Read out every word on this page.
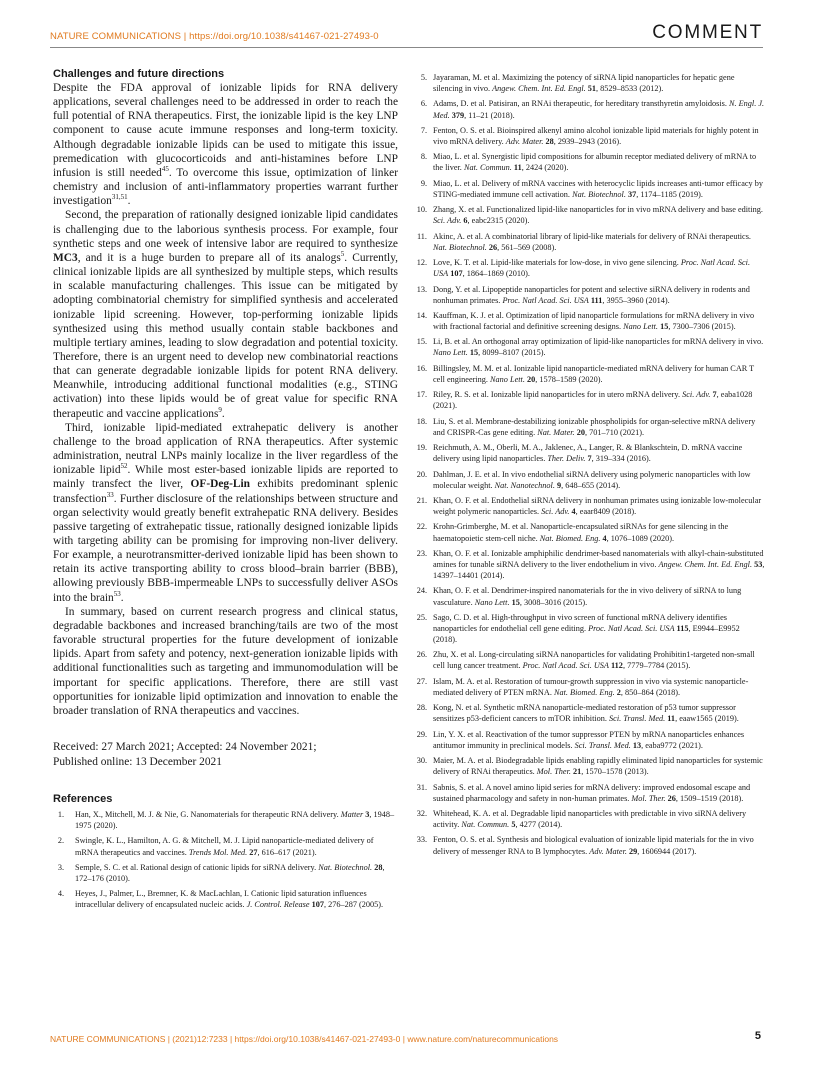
NATURE COMMUNICATIONS | https://doi.org/10.1038/s41467-021-27493-0	COMMENT
Challenges and future directions

Despite the FDA approval of ionizable lipids for RNA delivery applications, several challenges need to be addressed in order to reach the full potential of RNA therapeutics. First, the ionizable lipid is the key LNP component to cause acute immune responses and long-term toxicity. Although degradable ionizable lipids can be used to mitigate this issue, premedication with glucocorticoids and anti-histamines before LNP infusion is still needed$^{45}$. To overcome this issue, optimization of linker chemistry and inclusion of anti-inflammatory properties warrant further investigation$^{31,51}$.

Second, the preparation of rationally designed ionizable lipid candidates is challenging due to the laborious synthesis process. For example, four synthetic steps and one week of intensive labor are required to synthesize MC3, and it is a huge burden to prepare all of its analogs$^5$. Currently, clinical ionizable lipids are all synthesized by multiple steps, which results in scalable manufacturing challenges. This issue can be mitigated by adopting combinatorial chemistry for simplified synthesis and accelerated ionizable lipid screening. However, top-performing ionizable lipids synthesized using this method usually contain stable backbones and multiple tertiary amines, leading to slow degradation and potential toxicity. Therefore, there is an urgent need to develop new combinatorial reactions that can generate degradable ionizable lipids for potent RNA delivery. Meanwhile, introducing additional functional modalities (e.g., STING activation) into these lipids would be of great value for specific RNA therapeutic and vaccine applications$^9$.

Third, ionizable lipid-mediated extrahepatic delivery is another challenge to the broad application of RNA therapeutics. After systemic administration, neutral LNPs mainly localize in the liver regardless of the ionizable lipid$^{52}$. While most ester-based ionizable lipids are reported to mainly transfect the liver, OF-Deg-Lin exhibits predominant splenic transfection$^{33}$. Further disclosure of the relationships between structure and organ selectivity would greatly benefit extrahepatic RNA delivery. Besides passive targeting of extrahepatic tissue, rationally designed ionizable lipids with targeting ability can be promising for improving non-liver delivery. For example, a neurotransmitter-derived ionizable lipid has been shown to retain its active transporting ability to cross blood–brain barrier (BBB), allowing previously BBB-impermeable LNPs to successfully deliver ASOs into the brain$^{53}$.

In summary, based on current research progress and clinical status, degradable backbones and increased branching/tails are two of the most favorable structural properties for the future development of ionizable lipids. Apart from safety and potency, next-generation ionizable lipids with additional functionalities such as targeting and immunomodulation will be important for specific applications. Therefore, there are still vast opportunities for ionizable lipid optimization and innovation to enable the broader translation of RNA therapeutics and vaccines.

Received: 27 March 2021; Accepted: 24 November 2021;
Published online: 13 December 2021
References
1.	Han, X., Mitchell, M. J. & Nie, G. Nanomaterials for therapeutic RNA delivery. Matter 3, 1948–1975 (2020).
2.	Swingle, K. L., Hamilton, A. G. & Mitchell, M. J. Lipid nanoparticle-mediated delivery of mRNA therapeutics and vaccines. Trends Mol. Med. 27, 616–617 (2021).
3.	Semple, S. C. et al. Rational design of cationic lipids for siRNA delivery. Nat. Biotechnol. 28, 172–176 (2010).
4.	Heyes, J., Palmer, L., Bremner, K. & MacLachlan, I. Cationic lipid saturation influences intracellular delivery of encapsulated nucleic acids. J. Control. Release 107, 276–287 (2005).
5. Jayaraman, M. et al. Maximizing the potency of siRNA lipid nanoparticles for hepatic gene silencing in vivo. Angew. Chem. Int. Ed. Engl. 51, 8529–8533 (2012).
6. Adams, D. et al. Patisiran, an RNAi therapeutic, for hereditary transthyretin amyloidosis. N. Engl. J. Med. 379, 11–21 (2018).
7. Fenton, O. S. et al. Bioinspired alkenyl amino alcohol ionizable lipid materials for highly potent in vivo mRNA delivery. Adv. Mater. 28, 2939–2943 (2016).
8. Miao, L. et al. Synergistic lipid compositions for albumin receptor mediated delivery of mRNA to the liver. Nat. Commun. 11, 2424 (2020).
9. Miao, L. et al. Delivery of mRNA vaccines with heterocyclic lipids increases anti-tumor efficacy by STING-mediated immune cell activation. Nat. Biotechnol. 37, 1174–1185 (2019).
10. Zhang, X. et al. Functionalized lipid-like nanoparticles for in vivo mRNA delivery and base editing. Sci. Adv. 6, eabc2315 (2020).
11. Akinc, A. et al. A combinatorial library of lipid-like materials for delivery of RNAi therapeutics. Nat. Biotechnol. 26, 561–569 (2008).
12. Love, K. T. et al. Lipid-like materials for low-dose, in vivo gene silencing. Proc. Natl Acad. Sci. USA 107, 1864–1869 (2010).
13. Dong, Y. et al. Lipopeptide nanoparticles for potent and selective siRNA delivery in rodents and nonhuman primates. Proc. Natl Acad. Sci. USA 111, 3955–3960 (2014).
14. Kauffman, K. J. et al. Optimization of lipid nanoparticle formulations for mRNA delivery in vivo with fractional factorial and definitive screening designs. Nano Lett. 15, 7300–7306 (2015).
15. Li, B. et al. An orthogonal array optimization of lipid-like nanoparticles for mRNA delivery in vivo. Nano Lett. 15, 8099–8107 (2015).
16. Billingsley, M. M. et al. Ionizable lipid nanoparticle-mediated mRNA delivery for human CAR T cell engineering. Nano Lett. 20, 1578–1589 (2020).
17. Riley, R. S. et al. Ionizable lipid nanoparticles for in utero mRNA delivery. Sci. Adv. 7, eaba1028 (2021).
18. Liu, S. et al. Membrane-destabilizing ionizable phospholipids for organ-selective mRNA delivery and CRISPR-Cas gene editing. Nat. Mater. 20, 701–710 (2021).
19. Reichmuth, A. M., Oberli, M. A., Jaklenec, A., Langer, R. & Blankschtein, D. mRNA vaccine delivery using lipid nanoparticles. Ther. Deliv. 7, 319–334 (2016).
20. Dahlman, J. E. et al. In vivo endothelial siRNA delivery using polymeric nanoparticles with low molecular weight. Nat. Nanotechnol. 9, 648–655 (2014).
21. Khan, O. F. et al. Endothelial siRNA delivery in nonhuman primates using ionizable low-molecular weight polymeric nanoparticles. Sci. Adv. 4, eaar8409 (2018).
22. Krohn-Grimberghe, M. et al. Nanoparticle-encapsulated siRNAs for gene silencing in the haematopoietic stem-cell niche. Nat. Biomed. Eng. 4, 1076–1089 (2020).
23. Khan, O. F. et al. Ionizable amphiphilic dendrimer-based nanomaterials with alkyl-chain-substituted amines for tunable siRNA delivery to the liver endothelium in vivo. Angew. Chem. Int. Ed. Engl. 53, 14397–14401 (2014).
24. Khan, O. F. et al. Dendrimer-inspired nanomaterials for the in vivo delivery of siRNA to lung vasculature. Nano Lett. 15, 3008–3016 (2015).
25. Sago, C. D. et al. High-throughput in vivo screen of functional mRNA delivery identifies nanoparticles for endothelial cell gene editing. Proc. Natl Acad. Sci. USA 115, E9944–E9952 (2018).
26. Zhu, X. et al. Long-circulating siRNA nanoparticles for validating Prohibitin1-targeted non-small cell lung cancer treatment. Proc. Natl Acad. Sci. USA 112, 7779–7784 (2015).
27. Islam, M. A. et al. Restoration of tumour-growth suppression in vivo via systemic nanoparticle-mediated delivery of PTEN mRNA. Nat. Biomed. Eng. 2, 850–864 (2018).
28. Kong, N. et al. Synthetic mRNA nanoparticle-mediated restoration of p53 tumor suppressor sensitizes p53-deficient cancers to mTOR inhibition. Sci. Transl. Med. 11, eaaw1565 (2019).
29. Lin, Y. X. et al. Reactivation of the tumor suppressor PTEN by mRNA nanoparticles enhances antitumor immunity in preclinical models. Sci. Transl. Med. 13, eaba9772 (2021).
30. Maier, M. A. et al. Biodegradable lipids enabling rapidly eliminated lipid nanoparticles for systemic delivery of RNAi therapeutics. Mol. Ther. 21, 1570–1578 (2013).
31. Sabnis, S. et al. A novel amino lipid series for mRNA delivery: improved endosomal escape and sustained pharmacology and safety in non-human primates. Mol. Ther. 26, 1509–1519 (2018).
32. Whitehead, K. A. et al. Degradable lipid nanoparticles with predictable in vivo siRNA delivery activity. Nat. Commun. 5, 4277 (2014).
33. Fenton, O. S. et al. Synthesis and biological evaluation of ionizable lipid materials for the in vivo delivery of messenger RNA to B lymphocytes. Adv. Mater. 29, 1606944 (2017).
NATURE COMMUNICATIONS | (2021)12:7233 | https://doi.org/10.1038/s41467-021-27493-0 | www.nature.com/naturecommunications	5
